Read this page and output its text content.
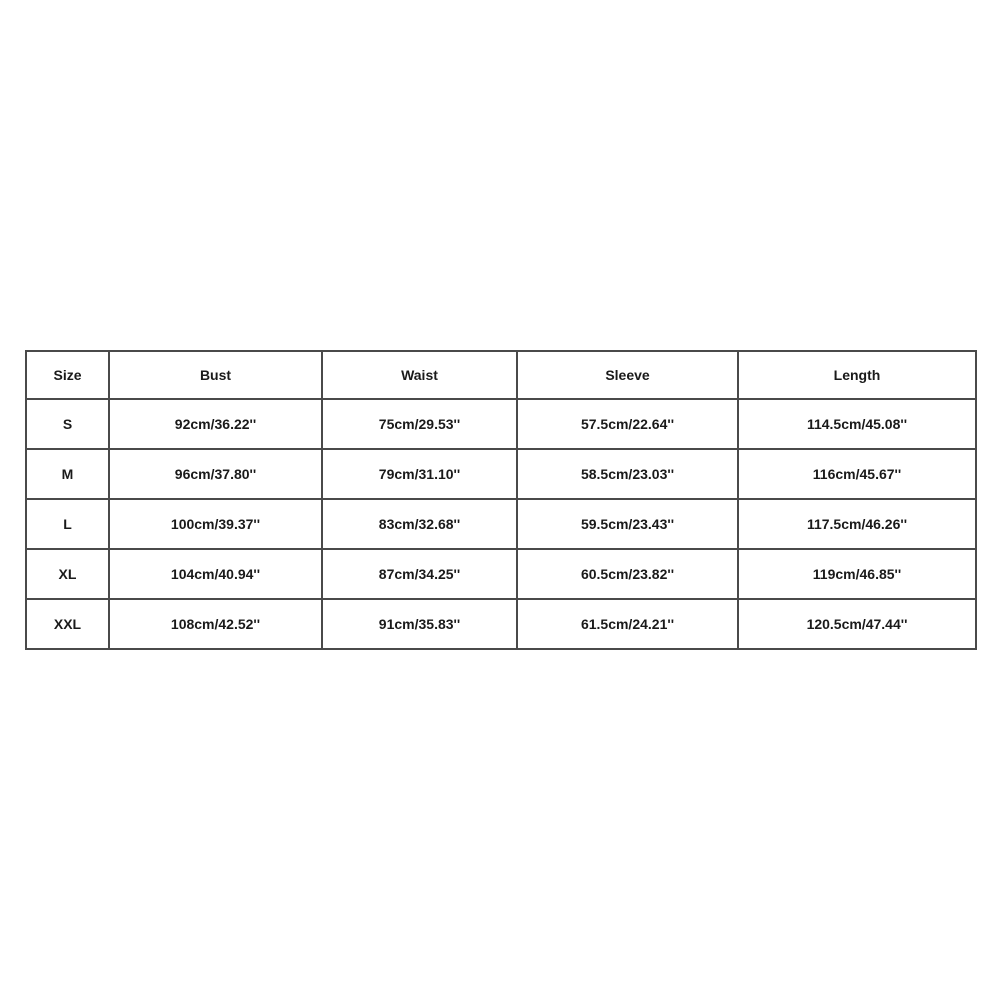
Size	Bust	Waist	Sleeve	Length
S	92cm/36.22''	75cm/29.53''	57.5cm/22.64''	114.5cm/45.08''
M	96cm/37.80''	79cm/31.10''	58.5cm/23.03''	116cm/45.67''
L	100cm/39.37''	83cm/32.68''	59.5cm/23.43''	117.5cm/46.26''
XL	104cm/40.94''	87cm/34.25''	60.5cm/23.82''	119cm/46.85''
XXL	108cm/42.52''	91cm/35.83''	61.5cm/24.21''	120.5cm/47.44''
